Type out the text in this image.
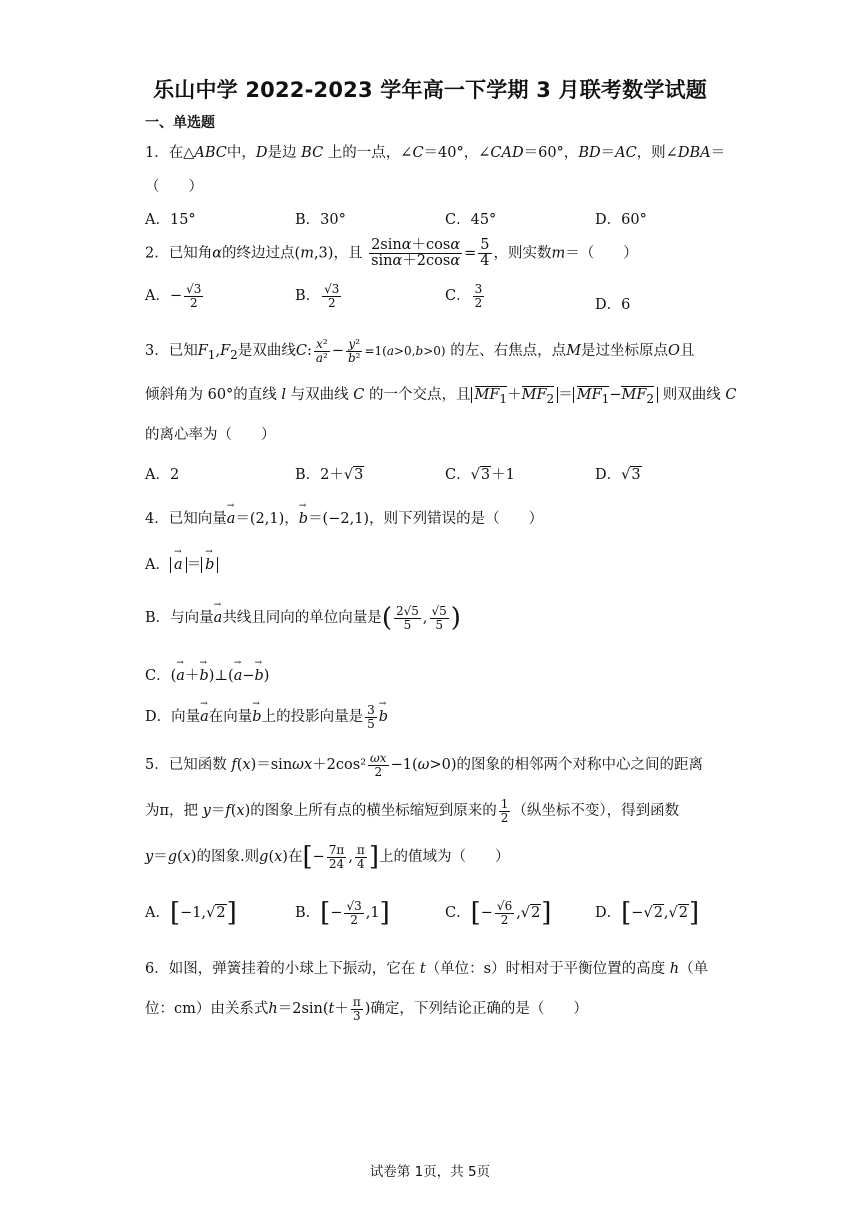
乐山中学 2022-2023 学年高一下学期 3 月联考数学试题
一、单选题
1．在△ABC中，D是边 BC 上的一点，∠C＝40°，∠CAD＝60°，BD＝AC，则∠DBA＝
（　　）
A．15°	B．30°	C．45°	D．60°
2．已知角α的终边过点(m,3)，且 $\frac{2\sin\alpha+\cos\alpha}{\sin\alpha+2\cos\alpha} = \frac{5}{4}$ ，则实数m＝（　　）
A．− $\frac{√3}{2}$	B． $\frac{√3}{2}$	C． $\frac{3}{2}$	D．6
3．已知$F_1,F_2$是双曲线C: $\frac{\text{x²}}{\text{a²}} - \frac{\text{y²}}{\text{b²}} =1(a>0,b>0)$ 的左、右焦点，点M是过坐标原点O且
倾斜角为 60°的直线 l 与双曲线 C 的一个交点，且 $MF_1+MF_2 = MF_1-MF_2$ 则双曲线 C
的离心率为（　　）
A．2	B．2＋√3	C．√3＋1	D．√3
4．已知向量→ a＝(2,1)，→ b＝(−2,1)，则下列错误的是（　　）
A．→ a ＝→ b
B．与向量→ a共线且同向的单位向量是( $\frac{2√5}{5}$ , $\frac{√5}{5}$ )
C．(→ a＋→ b)⊥(→ a−→ b)
D．向量→ a在向量→ b上的投影向量是 $\frac{3}{5}$
→ b
5．已知函数 $f(x)=\sin\omega x+2\cos^2 \frac{\omega x}{2} -1(\omega>0)$的图象的相邻两个对称中心之间的距离
为π，把 y＝f(x)的图象上所有点的横坐标缩短到原来的 $\frac{1}{2}$ （纵坐标不变），得到函数
y＝g(x)的图象.则g(x)在[− $\frac{7\pi}{24}$ , $\frac{\pi}{4}$ ]上的值域为（　　）
A．[−1,√2]	B．[− $\frac{√3}{2} ,1$]	C．[− $\frac{√6}{2} ,√2$]	D．[−√2,√2]
6．如图，弹簧挂着的小球上下振动，它在 t（单位：s）时相对于平衡位置的高度 h（单
位：cm）由关系式$h=2\sin(t+ \frac{\pi}{3}$ )确定，下列结论正确的是（　　）
试卷第 1页，共 5页
